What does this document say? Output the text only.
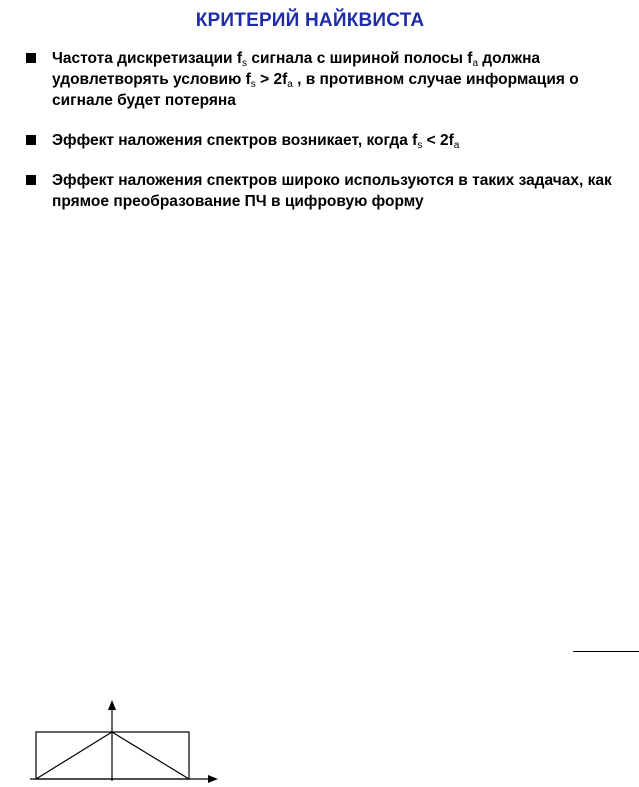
КРИТЕРИЙ НАЙКВИСТА
Частота дискретизации $f_s$ сигнала с шириной полосы $f_a$ должна удовлетворять условию $f_s > 2f_a$ , в противном случае информация о сигнале будет потеряна
Эффект наложения спектров возникает, когда $f_s < 2f_a$
Эффект наложения спектров широко используются в таких задачах, как прямое преобразование ПЧ в цифровую форму
